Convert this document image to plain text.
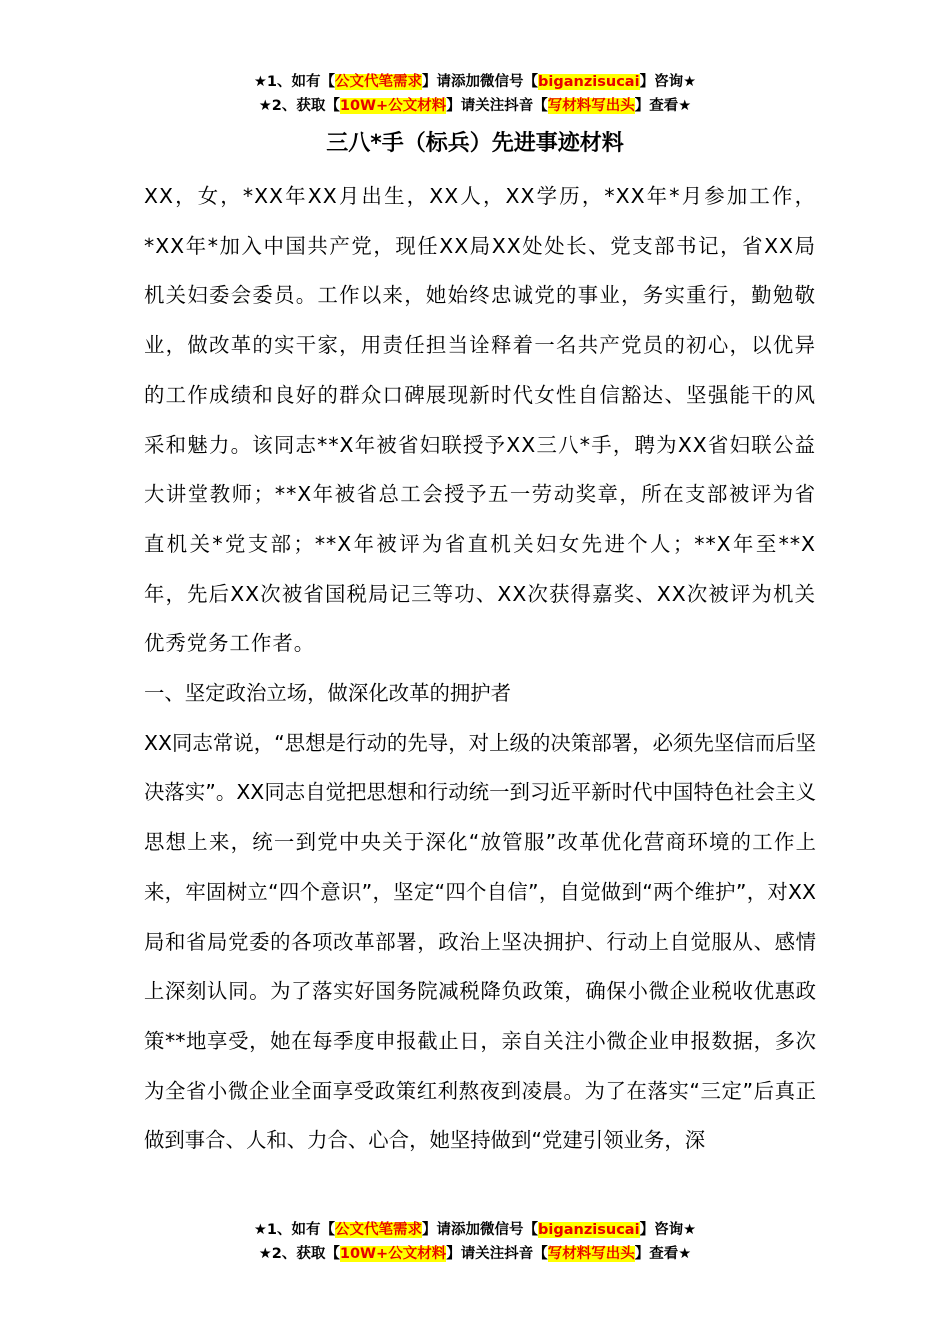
★1、如有【公文代笔需求】请添加微信号【biganzisucai】咨询★
★2、获取【10W+公文材料】请关注抖音【写材料写出头】查看★
三八*手（标兵）先进事迹材料

XX，女，*XX年XX月出生，XX人，XX学历，*XX年*月参加工作，*XX年*加入中国共产党，现任XX局XX处处长、党支部书记，省XX局机关妇委会委员。工作以来，她始终忠诚党的事业，务实重行，勤勉敬业，做改革的实干家，用责任担当诠释着一名共产党员的初心，以优异的工作成绩和良好的群众口碑展现新时代女性自信豁达、坚强能干的风采和魅力。该同志**X年被省妇联授予XX三八*手，聘为XX省妇联公益大讲堂教师；**X年被省总工会授予五一劳动奖章，所在支部被评为省直机关*党支部；**X年被评为省直机关妇女先进个人；**X年至**X年，先后XX次被省国税局记三等功、XX次获得嘉奖、XX次被评为机关优秀党务工作者。

一、坚定政治立场，做深化改革的拥护者

XX同志常说，“思想是行动的先导，对上级的决策部署，必须先坚信而后坚决落实”。XX同志自觉把思想和行动统一到习近平新时代中国特色社会主义思想上来，统一到党中央关于深化“放管服”改革优化营商环境的工作上来，牢固树立“四个意识”，坚定“四个自信”，自觉做到“两个维护”，对XX局和省局党委的各项改革部署，政治上坚决拥护、行动上自觉服从、感情上深刻认同。为了落实好国务院减税降负政策，确保小微企业税收优惠政策**地享受，她在每季度申报截止日，亲自关注小微企业申报数据，多次为全省小微企业全面享受政策红利熬夜到凌晨。为了在落实“三定”后真正做到事合、人和、力合、心合，她坚持做到“党建引领业务，深

★1、如有【公文代笔需求】请添加微信号【biganzisucai】咨询★
★2、获取【10W+公文材料】请关注抖音【写材料写出头】查看★
